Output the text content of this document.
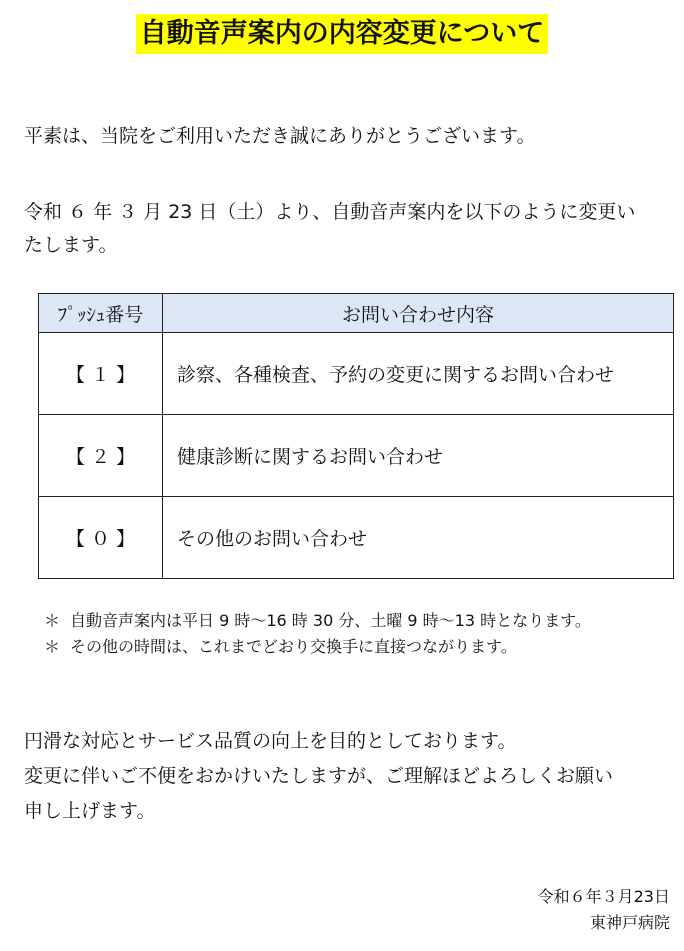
自動音声案内の内容変更について
平素は、当院をご利用いただき誠にありがとうございます。
令和 ６ 年 ３ 月 23 日（土）より、自動音声案内を以下のように変更い
たします。
ﾌﾟｯｼｭ番号	お問い合わせ内容
【 １ 】	診察、各種検査、予約の変更に関するお問い合わせ
【 ２ 】	健康診断に関するお問い合わせ
【 ０ 】	その他のお問い合わせ
＊ 自動音声案内は平日 9 時～16 時 30 分、土曜 9 時～13 時となります。
＊ その他の時間は、これまでどおり交換手に直接つながります。
円滑な対応とサービス品質の向上を目的としております。
変更に伴いご不便をおかけいたしますが、ご理解ほどよろしくお願い
申し上げます。
令和６年３月23日
東神戸病院
